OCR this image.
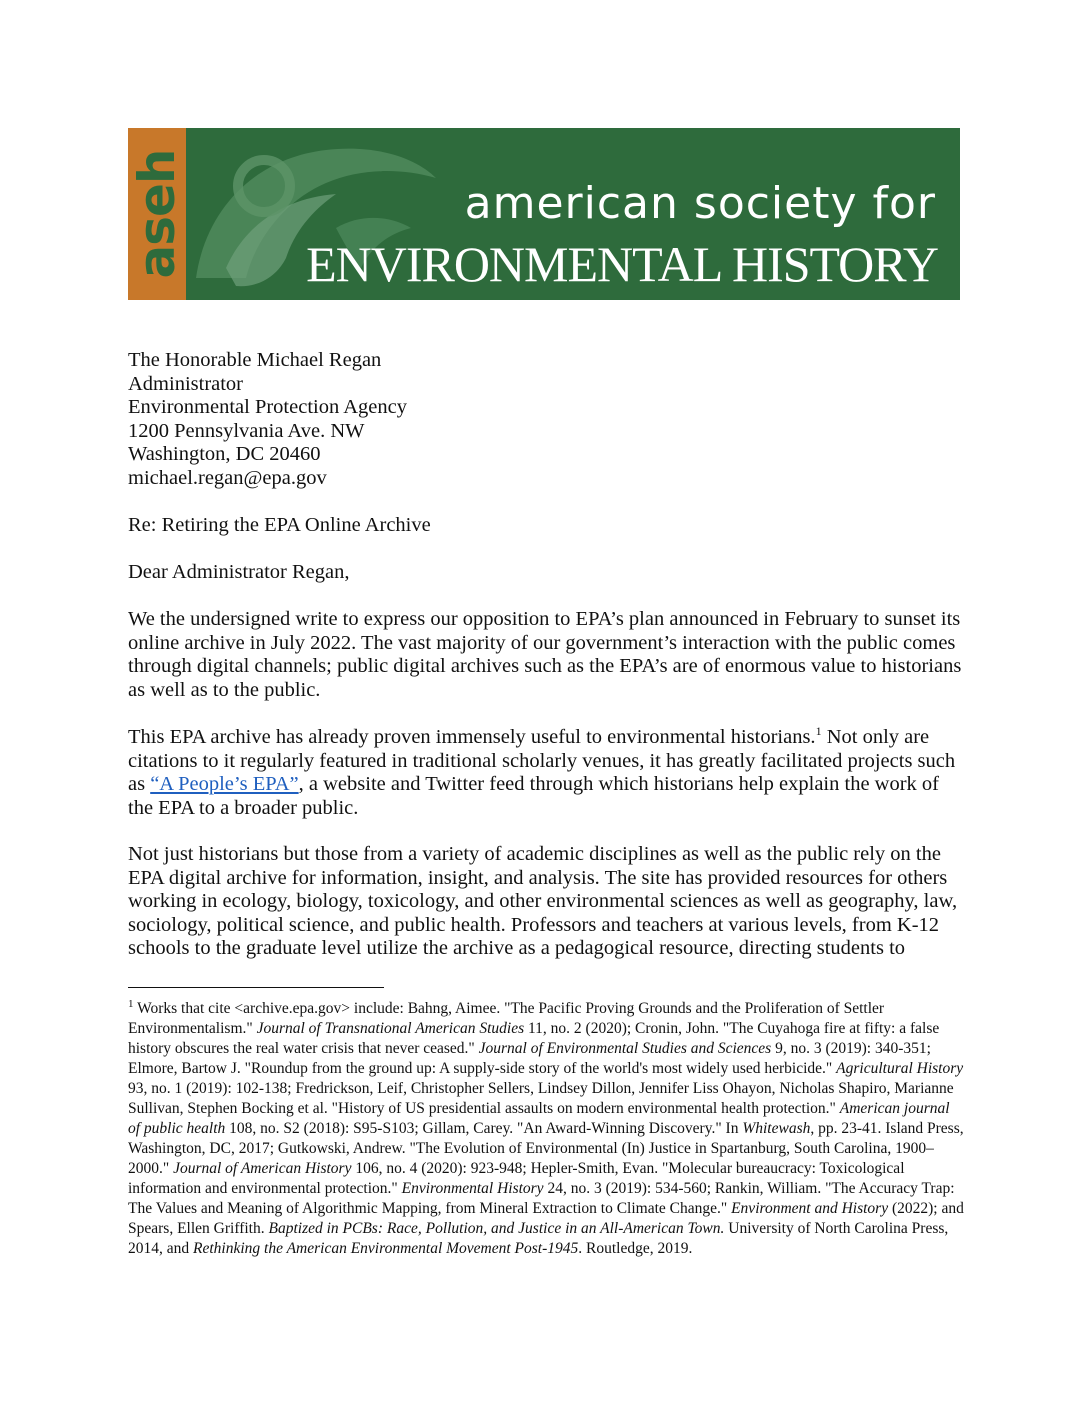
aseh	american society for
ENVIRONMENTAL HISTORY
The Honorable Michael Regan
Administrator
Environmental Protection Agency
1200 Pennsylvania Ave. NW
Washington, DC 20460
michael.regan@epa.gov
Re: Retiring the EPA Online Archive
Dear Administrator Regan,

We the undersigned write to express our opposition to EPA’s plan announced in February to sunset its online archive in July 2022. The vast majority of our government’s interaction with the public comes through digital channels; public digital archives such as the EPA’s are of enormous value to historians as well as to the public.

This EPA archive has already proven immensely useful to environmental historians.$^1$ Not only are citations to it regularly featured in traditional scholarly venues, it has greatly facilitated projects such as “A People’s EPA”, a website and Twitter feed through which historians help explain the work of the EPA to a broader public.

Not just historians but those from a variety of academic disciplines as well as the public rely on the EPA digital archive for information, insight, and analysis. The site has provided resources for others working in ecology, biology, toxicology, and other environmental sciences as well as geography, law, sociology, political science, and public health. Professors and teachers at various levels, from K-12 schools to the graduate level utilize the archive as a pedagogical resource, directing students to

$^1$ Works that cite <archive.epa.gov> include: Bahng, Aimee. "The Pacific Proving Grounds and the Proliferation of Settler Environmentalism." Journal of Transnational American Studies 11, no. 2 (2020); Cronin, John. "The Cuyahoga fire at fifty: a false history obscures the real water crisis that never ceased." Journal of Environmental Studies and Sciences 9, no. 3 (2019): 340-351; Elmore, Bartow J. "Roundup from the ground up: A supply-side story of the world's most widely used herbicide." Agricultural History 93, no. 1 (2019): 102-138; Fredrickson, Leif, Christopher Sellers, Lindsey Dillon, Jennifer Liss Ohayon, Nicholas Shapiro, Marianne Sullivan, Stephen Bocking et al. "History of US presidential assaults on modern environmental health protection." American journal of public health 108, no. S2 (2018): S95-S103; Gillam, Carey. "An Award-Winning Discovery." In Whitewash, pp. 23-41. Island Press, Washington, DC, 2017; Gutkowski, Andrew. "The Evolution of Environmental (In) Justice in Spartanburg, South Carolina, 1900–2000." Journal of American History 106, no. 4 (2020): 923-948; Hepler-Smith, Evan. "Molecular bureaucracy: Toxicological information and environmental protection." Environmental History 24, no. 3 (2019): 534-560; Rankin, William. "The Accuracy Trap: The Values and Meaning of Algorithmic Mapping, from Mineral Extraction to Climate Change." Environment and History (2022); and Spears, Ellen Griffith. Baptized in PCBs: Race, Pollution, and Justice in an All-American Town. University of North Carolina Press, 2014, and Rethinking the American Environmental Movement Post-1945. Routledge, 2019.
